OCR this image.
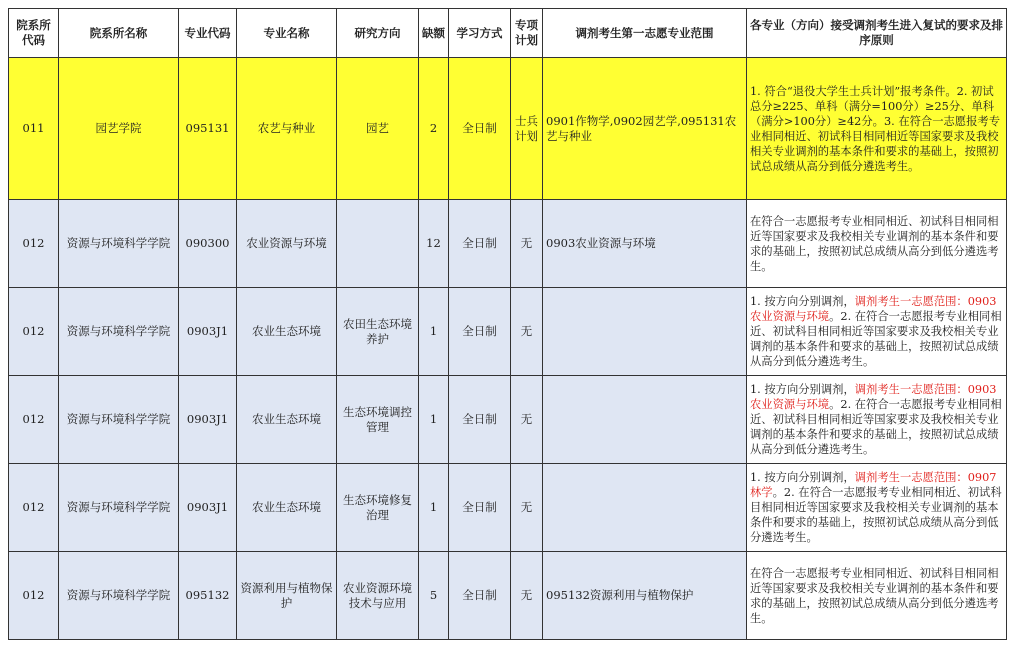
院系所代码	院系所名称	专业代码	专业名称	研究方向	缺额	学习方式	专项计划	调剂考生第一志愿专业范围	各专业（方向）接受调剂考生进入复试的要求及排序原则
011	园艺学院	095131	农艺与种业	园艺	2	全日制	士兵计划	0901作物学,0902园艺学,095131农艺与种业	1. 符合“退役大学生士兵计划”报考条件。2. 初试总分≥225、单科（满分=100分）≥25分、单科（满分>100分）≥42分。3. 在符合一志愿报考专业相同相近、初试科目相同相近等国家要求及我校相关专业调剂的基本条件和要求的基础上，按照初试总成绩从高分到低分遴选考生。
012	资源与环境科学学院	090300	农业资源与环境		12	全日制	无	0903农业资源与环境	在符合一志愿报考专业相同相近、初试科目相同相近等国家要求及我校相关专业调剂的基本条件和要求的基础上，按照初试总成绩从高分到低分遴选考生。
012	资源与环境科学学院	0903J1	农业生态环境	农田生态环境养护	1	全日制	无		1. 按方向分别调剂，调剂考生一志愿范围：0903农业资源与环境。2. 在符合一志愿报考专业相同相近、初试科目相同相近等国家要求及我校相关专业调剂的基本条件和要求的基础上，按照初试总成绩从高分到低分遴选考生。
012	资源与环境科学学院	0903J1	农业生态环境	生态环境调控管理	1	全日制	无		1. 按方向分别调剂，调剂考生一志愿范围：0903农业资源与环境。2. 在符合一志愿报考专业相同相近、初试科目相同相近等国家要求及我校相关专业调剂的基本条件和要求的基础上，按照初试总成绩从高分到低分遴选考生。
012	资源与环境科学学院	0903J1	农业生态环境	生态环境修复治理	1	全日制	无		1. 按方向分别调剂，调剂考生一志愿范围：0907林学。2. 在符合一志愿报考专业相同相近、初试科目相同相近等国家要求及我校相关专业调剂的基本条件和要求的基础上，按照初试总成绩从高分到低分遴选考生。
012	资源与环境科学学院	095132	资源利用与植物保护	农业资源环境技术与应用	5	全日制	无	095132资源利用与植物保护	在符合一志愿报考专业相同相近、初试科目相同相近等国家要求及我校相关专业调剂的基本条件和要求的基础上，按照初试总成绩从高分到低分遴选考生。
